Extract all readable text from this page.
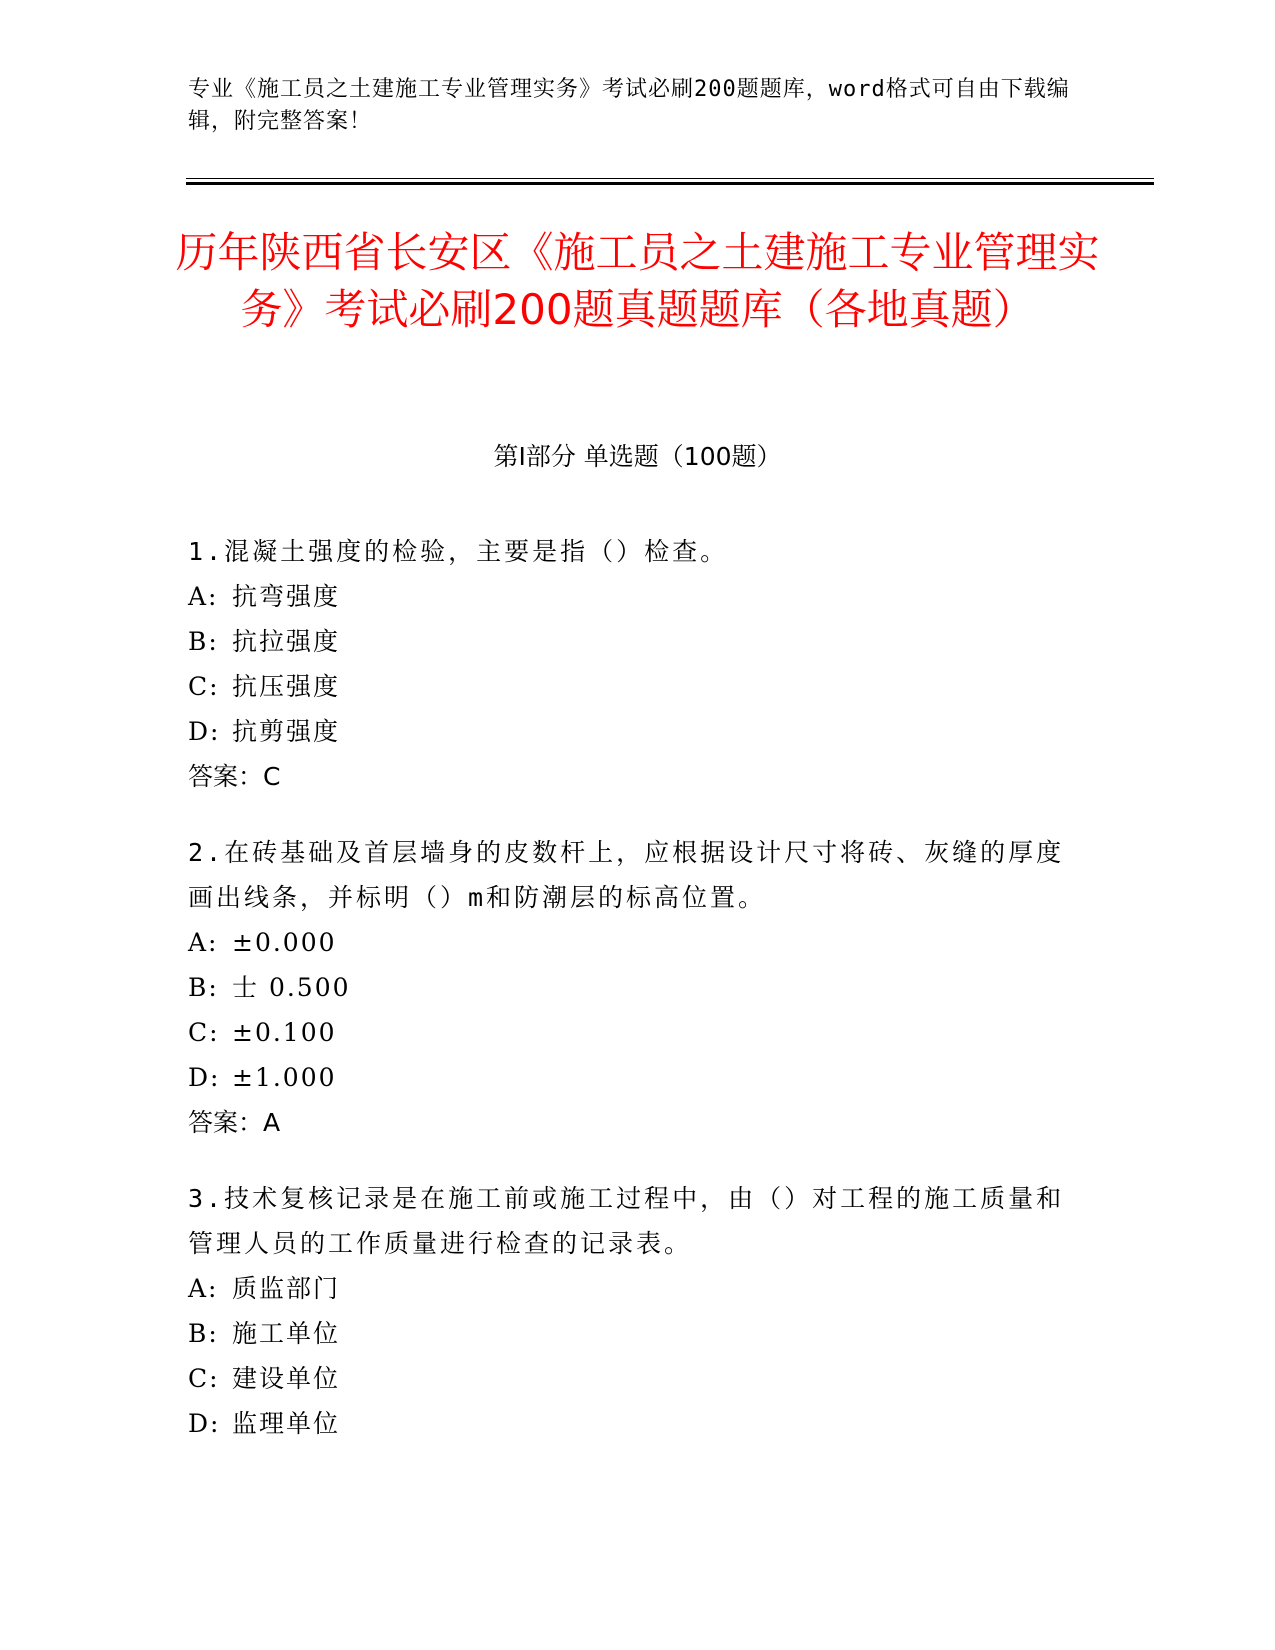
专业《施工员之土建施工专业管理实务》考试必刷200题题库，word格式可自由下载编辑，附完整答案！
历年陕西省长安区《施工员之土建施工专业管理实务》考试必刷200题真题题库（各地真题）
第Ⅰ部分 单选题（100题）

1.混凝土强度的检验，主要是指（）检查。

A: 抗弯强度
B: 抗拉强度
C: 抗压强度
D: 抗剪强度

答案：C

2.在砖基础及首层墙身的皮数杆上，应根据设计尺寸将砖、灰缝的厚度画出线条，并标明（）m和防潮层的标高位置。

A: ±0.000
B: 士 0.500
C: ±0.100
D: ±1.000

答案：A

3.技术复核记录是在施工前或施工过程中，由（）对工程的施工质量和管理人员的工作质量进行检查的记录表。

A: 质监部门
B: 施工单位
C: 建设单位
D: 监理单位
